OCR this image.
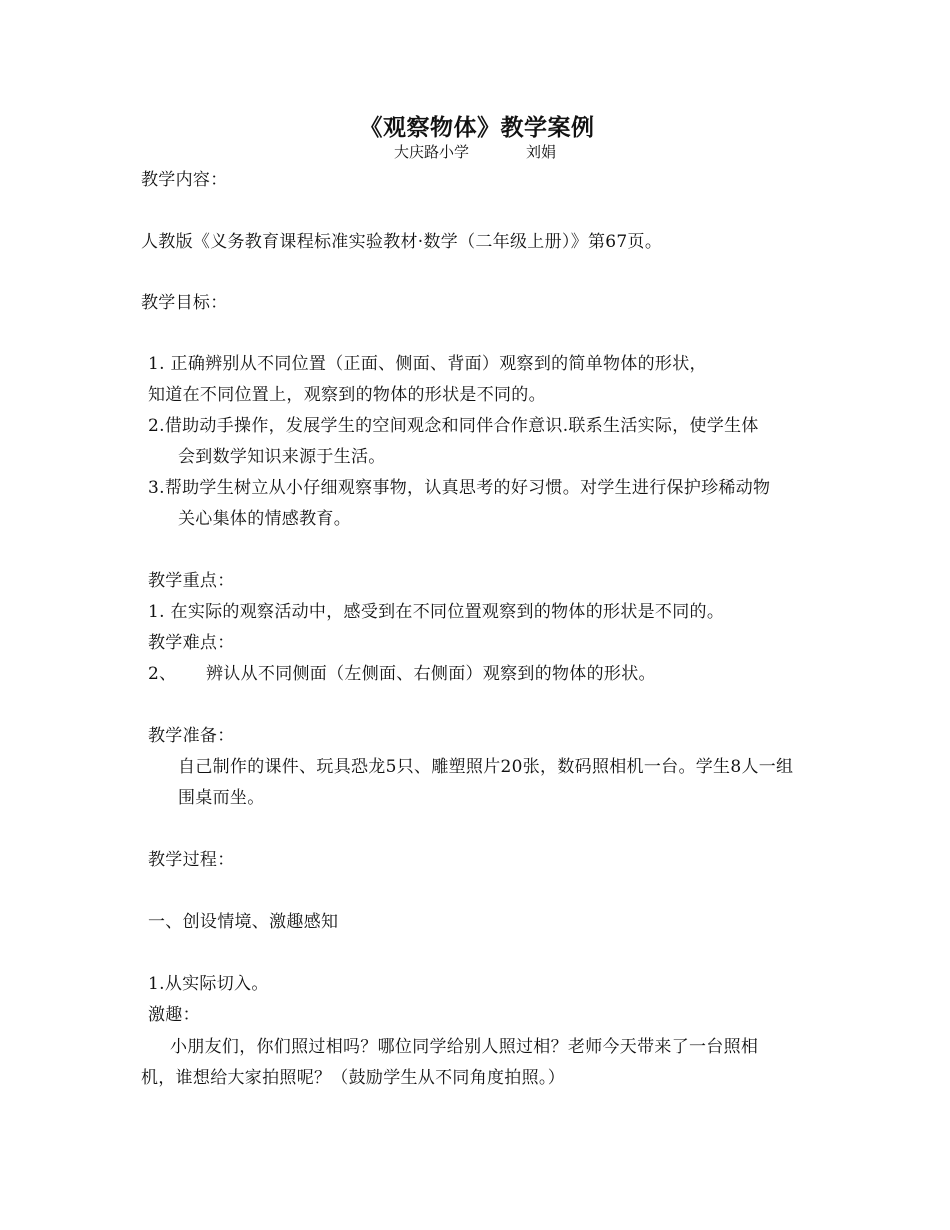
《观察物体》教学案例
大庆路小学	刘娟
教学内容：
人教版《义务教育课程标准实验教材·数学（二年级上册）》第67页。
教学目标：
1. 正确辨别从不同位置（正面、侧面、背面）观察到的简单物体的形状，
知道在不同位置上，观察到的物体的形状是不同的。
2.借助动手操作，发展学生的空间观念和同伴合作意识.联系生活实际，使学生体
会到数学知识来源于生活。
3.帮助学生树立从小仔细观察事物，认真思考的好习惯。对学生进行保护珍稀动物
关心集体的情感教育。
教学重点：
1. 在实际的观察活动中，感受到在不同位置观察到的物体的形状是不同的。
教学难点：
2、 辨认从不同侧面（左侧面、右侧面）观察到的物体的形状。
教学准备：
自己制作的课件、玩具恐龙5只、雕塑照片20张，数码照相机一台。学生8人一组
围桌而坐。
教学过程：
一、创设情境、激趣感知
1.从实际切入。
激趣：
小朋友们，你们照过相吗？哪位同学给别人照过相？老师今天带来了一台照相
机，谁想给大家拍照呢？（鼓励学生从不同角度拍照。）
